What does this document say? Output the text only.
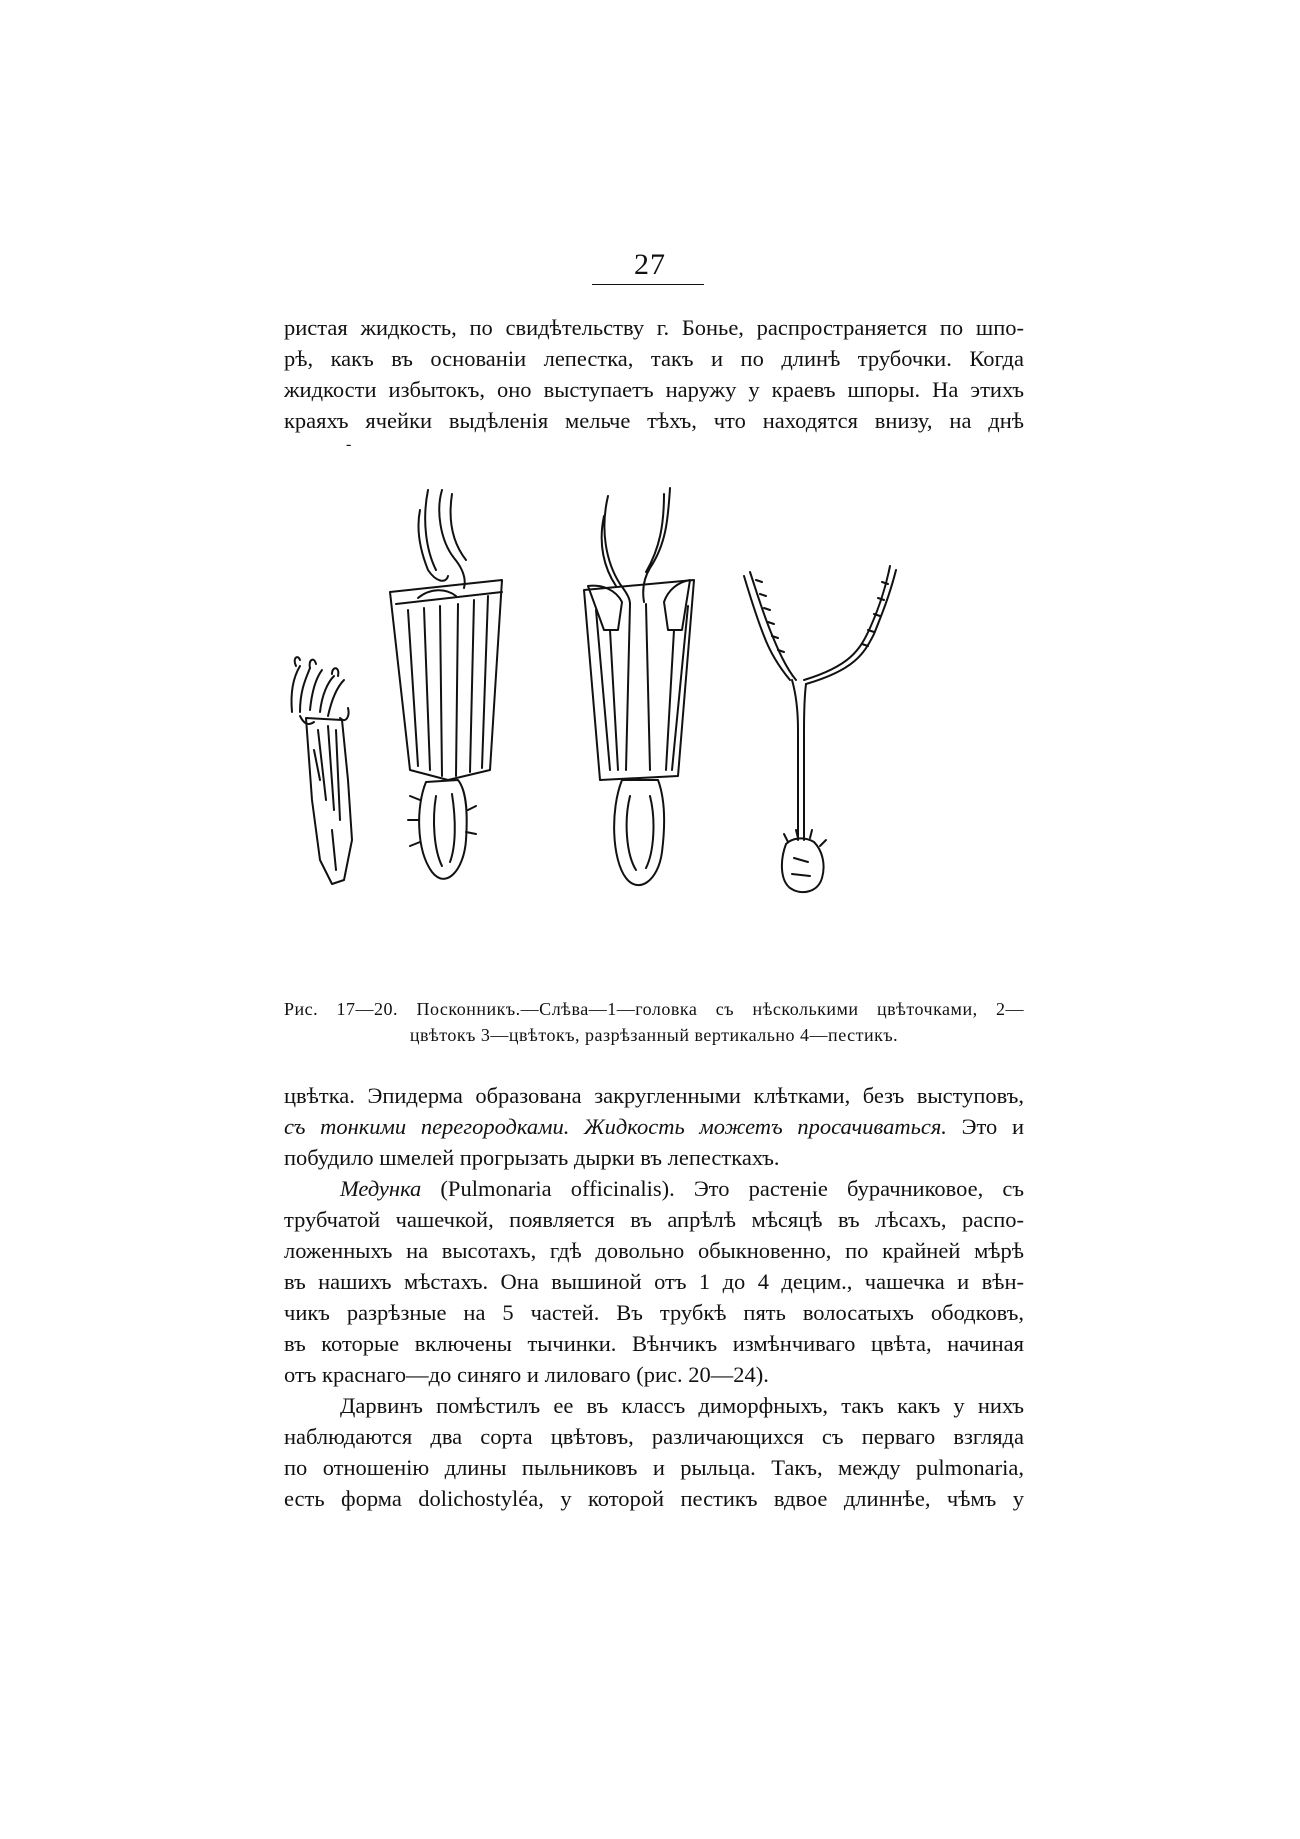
27
ристая жидкость, по свидѣтельству г. Бонье, распространяется по шпо-
рѣ, какъ въ основаніи лепестка, такъ и по длинѣ трубочки. Когда
жидкости избытокъ, оно выступаетъ наружу у краевъ шпоры. На этихъ
краяхъ ячейки выдѣленія мельче тѣхъ, что находятся внизу, на днѣ
-
Рис. 17—20. Посконникъ.—Слѣва—1—головка съ нѣсколькими цвѣточками, 2—
цвѣтокъ 3—цвѣтокъ, разрѣзанный вертикально 4—пестикъ.
цвѣтка. Эпидерма образована закругленными клѣтками, безъ выступовъ,
съ тонкими перегородками. Жидкость можетъ просачиваться. Это и
побудило шмелей прогрызать дырки въ лепесткахъ.
Медунка (Pulmonaria officinalis). Это растеніе бурачниковое, съ
трубчатой чашечкой, появляется въ апрѣлѣ мѣсяцѣ въ лѣсахъ, распо-
ложенныхъ на высотахъ, гдѣ довольно обыкновенно, по крайней мѣрѣ
въ нашихъ мѣстахъ. Она вышиной отъ 1 до 4 децим., чашечка и вѣн-
чикъ разрѣзные на 5 частей. Въ трубкѣ пять волосатыхъ ободковъ,
въ которые включены тычинки. Вѣнчикъ измѣнчиваго цвѣта, начиная
отъ краснаго—до синяго и лиловаго (рис. 20—24).
Дарвинъ помѣстилъ ее въ классъ диморфныхъ, такъ какъ у нихъ
наблюдаются два сорта цвѣтовъ, различающихся съ перваго взгляда
по отношенію длины пыльниковъ и рыльца. Такъ, между pulmonaria,
есть форма dolichostyléa, у которой пестикъ вдвое длиннѣе, чѣмъ у
